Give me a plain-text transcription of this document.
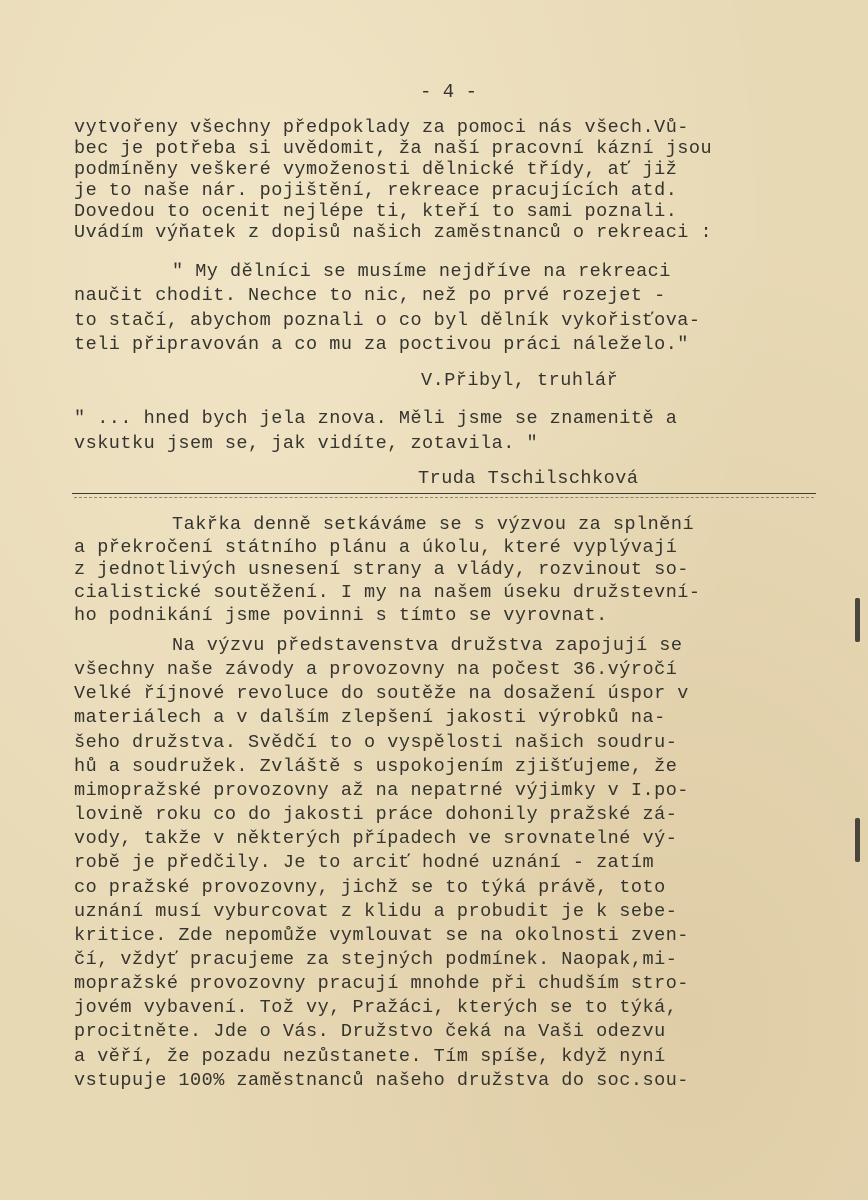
- 4 -
vytvořeny všechny předpoklady za pomoci nás všech.Vů-
bec je potřeba si uvědomit, ža naší pracovní kázní jsou
podmíněny veškeré vymoženosti dělnické třídy, ať již
je to naše nár. pojištění, rekreace pracujících atd.
Dovedou to ocenit nejlépe ti, kteří to sami poznali.
Uvádím výňatek z dopisů našich zaměstnanců o rekreaci :
" My dělníci se musíme nejdříve na rekreaci
naučit chodit. Nechce to nic, než po prvé rozejet -
to stačí, abychom poznali o co byl dělník vykořisťova-
teli připravován a co mu za poctivou práci náleželo."
V.Přibyl, truhlář
" ... hned bych jela znova. Měli jsme se znamenitě a
vskutku jsem se, jak vidíte, zotavila. "
Truda Tschilschková
Takřka denně setkáváme se s výzvou za splnění
a překročení státního plánu a úkolu, které vyplývají
z jednotlivých usnesení strany a vlády, rozvinout so-
cialistické soutěžení. I my na našem úseku družstevní-
ho podnikání jsme povinni s tímto se vyrovnat.
Na výzvu představenstva družstva zapojují se
všechny naše závody a provozovny na počest 36.výročí
Velké říjnové revoluce do soutěže na dosažení úspor v
materiálech a v dalším zlepšení jakosti výrobků na-
šeho družstva. Svědčí to o vyspělosti našich soudru-
hů a soudružek. Zvláště s uspokojením zjišťujeme, že
mimopražské provozovny až na nepatrné výjimky v I.po-
lovině roku co do jakosti práce dohonily pražské zá-
vody, takže v některých případech ve srovnatelné vý-
robě je předčily. Je to arciť hodné uznání - zatím
co pražské provozovny, jichž se to týká právě, toto
uznání musí vyburcovat z klidu a probudit je k sebe-
kritice. Zde nepomůže vymlouvat se na okolnosti zven-
čí, vždyť pracujeme za stejných podmínek. Naopak,mi-
mopražské provozovny pracují mnohde při chudším stro-
jovém vybavení. Tož vy, Pražáci, kterých se to týká,
procitněte. Jde o Vás. Družstvo čeká na Vaši odezvu
a věří, že pozadu nezůstanete. Tím spíše, když nyní
vstupuje 100% zaměstnanců našeho družstva do soc.sou-
